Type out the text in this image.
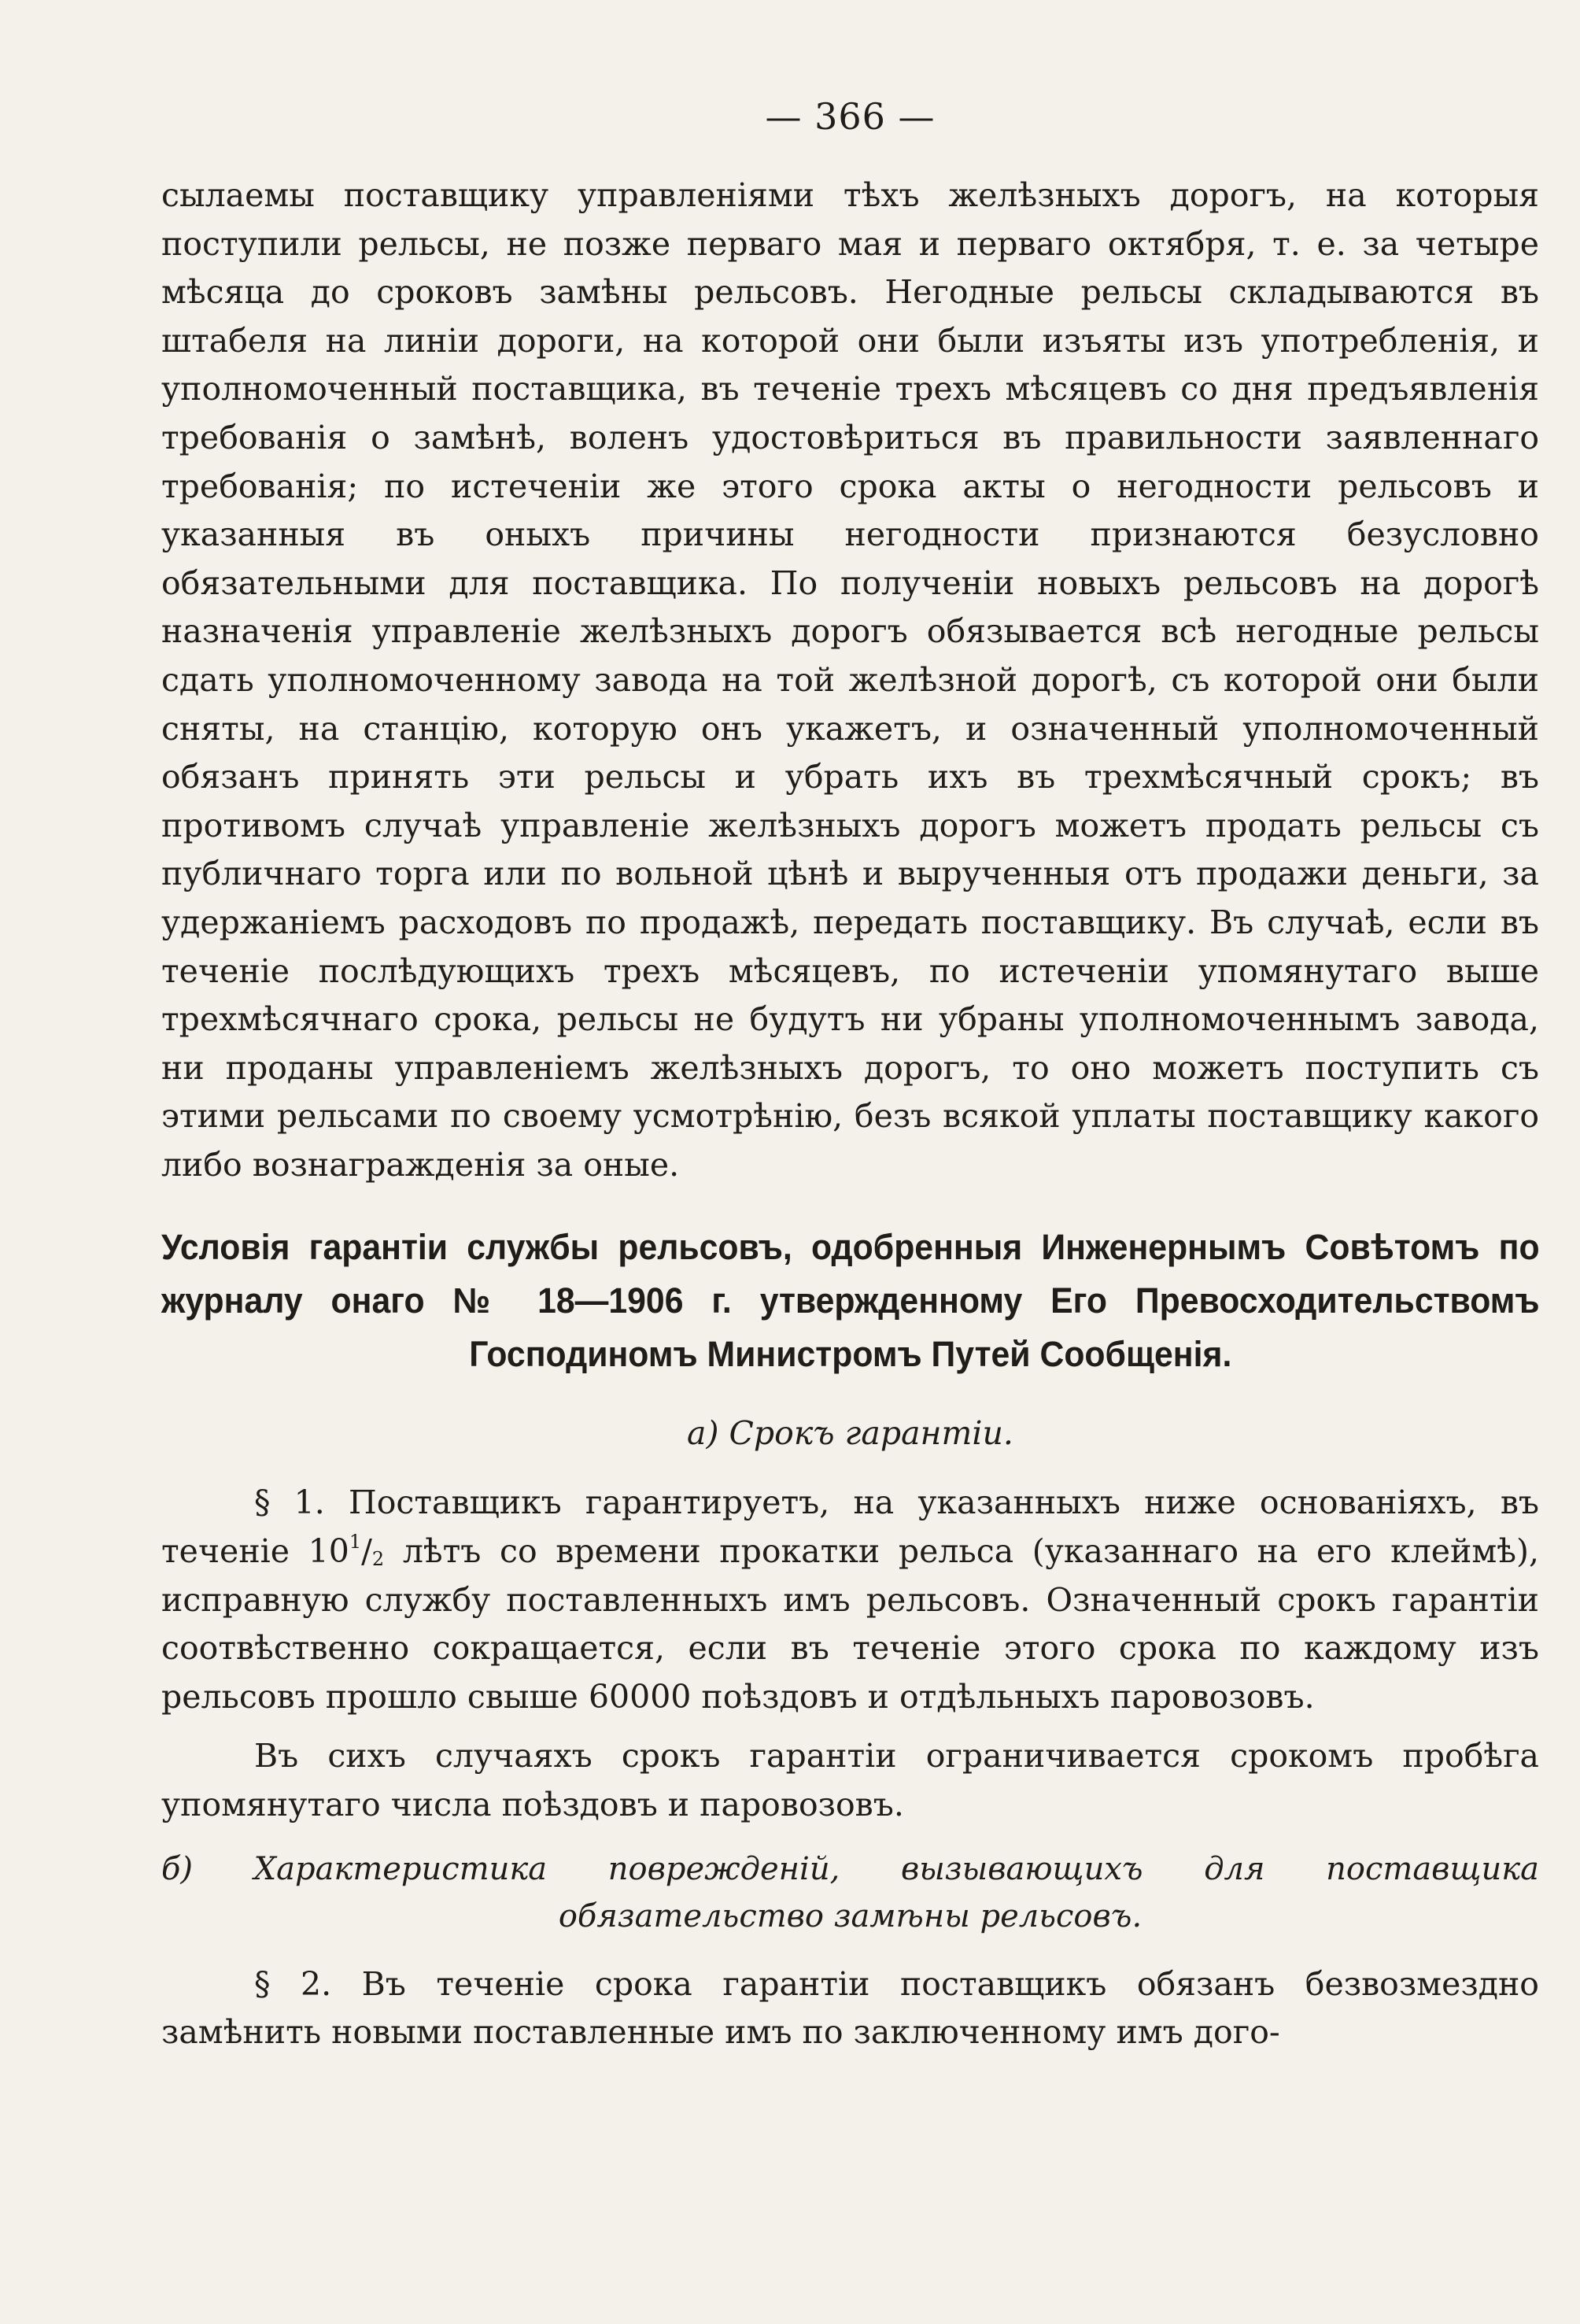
— 366 —

сылаемы поставщику управленіями тѣхъ желѣзныхъ дорогъ, на которыя поступили рельсы, не позже перваго мая и перваго октября, т. е. за четыре мѣсяца до сроковъ замѣны рельсовъ. Негодные рельсы складываются въ штабеля на линіи дороги, на которой они были изъяты изъ употребленія, и уполномоченный поставщика, въ теченіе трехъ мѣсяцевъ со дня предъявленія требованія о замѣнѣ, воленъ удостовѣриться въ правильности заявленнаго требованія; по истеченіи же этого срока акты о негодности рельсовъ и указанныя въ оныхъ причины негодности признаются безусловно обязательными для поставщика. По полученіи новыхъ рельсовъ на дорогѣ назначенія управленіе желѣзныхъ дорогъ обязывается всѣ негодные рельсы сдать уполномоченному завода на той желѣзной дорогѣ, съ которой они были сняты, на станцію, которую онъ укажетъ, и означенный уполномоченный обязанъ принять эти рельсы и убрать ихъ въ трехмѣсячный срокъ; въ противомъ случаѣ управленіе желѣзныхъ дорогъ можетъ продать рельсы съ публичнаго торга или по вольной цѣнѣ и вырученныя отъ продажи деньги, за удержаніемъ расходовъ по продажѣ, передать поставщику. Въ случаѣ, если въ теченіе послѣдующихъ трехъ мѣсяцевъ, по истеченіи упомянутаго выше трехмѣсячнаго срока, рельсы не будутъ ни убраны уполномоченнымъ завода, ни проданы управленіемъ желѣзныхъ дорогъ, то оно можетъ поступить съ этими рельсами по своему усмотрѣнію, безъ всякой уплаты поставщику какого либо вознагражденія за оные.

Условія гарантіи службы рельсовъ, одобренныя Инженернымъ Совѣтомъ по журналу онаго № 18—1906 г. утвержденному Его Превосходительствомъ Господиномъ Министромъ Путей Сообщенія.
а) Срокъ гарантіи.

§ 1. Поставщикъ гарантируетъ, на указанныхъ ниже основаніяхъ, въ теченіе $10^1/_2$ лѣтъ со времени прокатки рельса (указаннаго на его клеймѣ), исправную службу поставленныхъ имъ рельсовъ. Означенный срокъ гарантіи соотвѣственно сокращается, если въ теченіе этого срока по каждому изъ рельсовъ прошло свыше 60000 поѣздовъ и отдѣльныхъ паровозовъ.

Въ сихъ случаяхъ срокъ гарантіи ограничивается срокомъ пробѣга упомянутаго числа поѣздовъ и паровозовъ.

б) Характеристика поврежденій, вызывающихъ для поставщика обязательство замѣны рельсовъ.

§ 2. Въ теченіе срока гарантіи поставщикъ обязанъ безвозмездно замѣнить новыми поставленные имъ по заключенному имъ дого-
